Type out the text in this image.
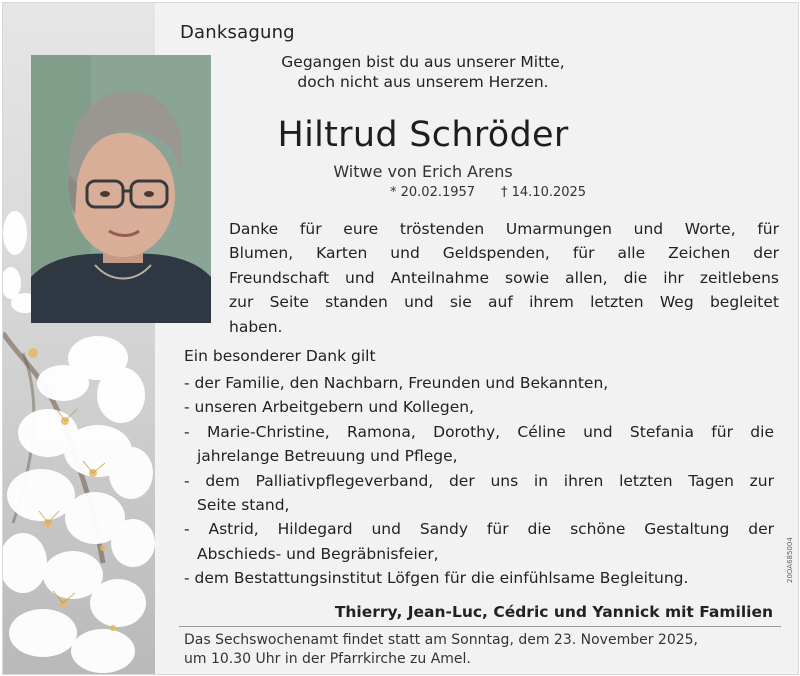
Danksagung
Gegangen bist du aus unserer Mitte,
doch nicht aus unserem Herzen.
Hiltrud Schröder
Witwe von Erich Arens
* 20.02.1957 † 14.10.2025

Danke für eure tröstenden Umarmungen und Worte, für

Blumen, Karten und Geldspenden, für alle Zeichen der

Freundschaft und Anteilnahme sowie allen, die ihr zeitlebens

zur Seite standen und sie auf ihrem letzten Weg begleitet

haben.

Ein besonderer Dank gilt

- der Familie, den Nachbarn, Freunden und Bekannten,

- unseren Arbeitgebern und Kollegen,

- Marie-Christine, Ramona, Dorothy, Céline und Stefania für die

jahrelange Betreuung und Pflege,

- dem Palliativpflegeverband, der uns in ihren letzten Tagen zur

Seite stand,

- Astrid, Hildegard und Sandy für die schöne Gestaltung der

Abschieds- und Begräbnisfeier,

- dem Bestattungsinstitut Löfgen für die einfühlsame Begleitung.

Thierry, Jean-Luc, Cédric und Yannick mit Familien
Das Sechswochenamt findet statt am Sonntag, dem 23. November 2025,
um 10.30 Uhr in der Pfarrkirche zu Amel.
20OA685004
